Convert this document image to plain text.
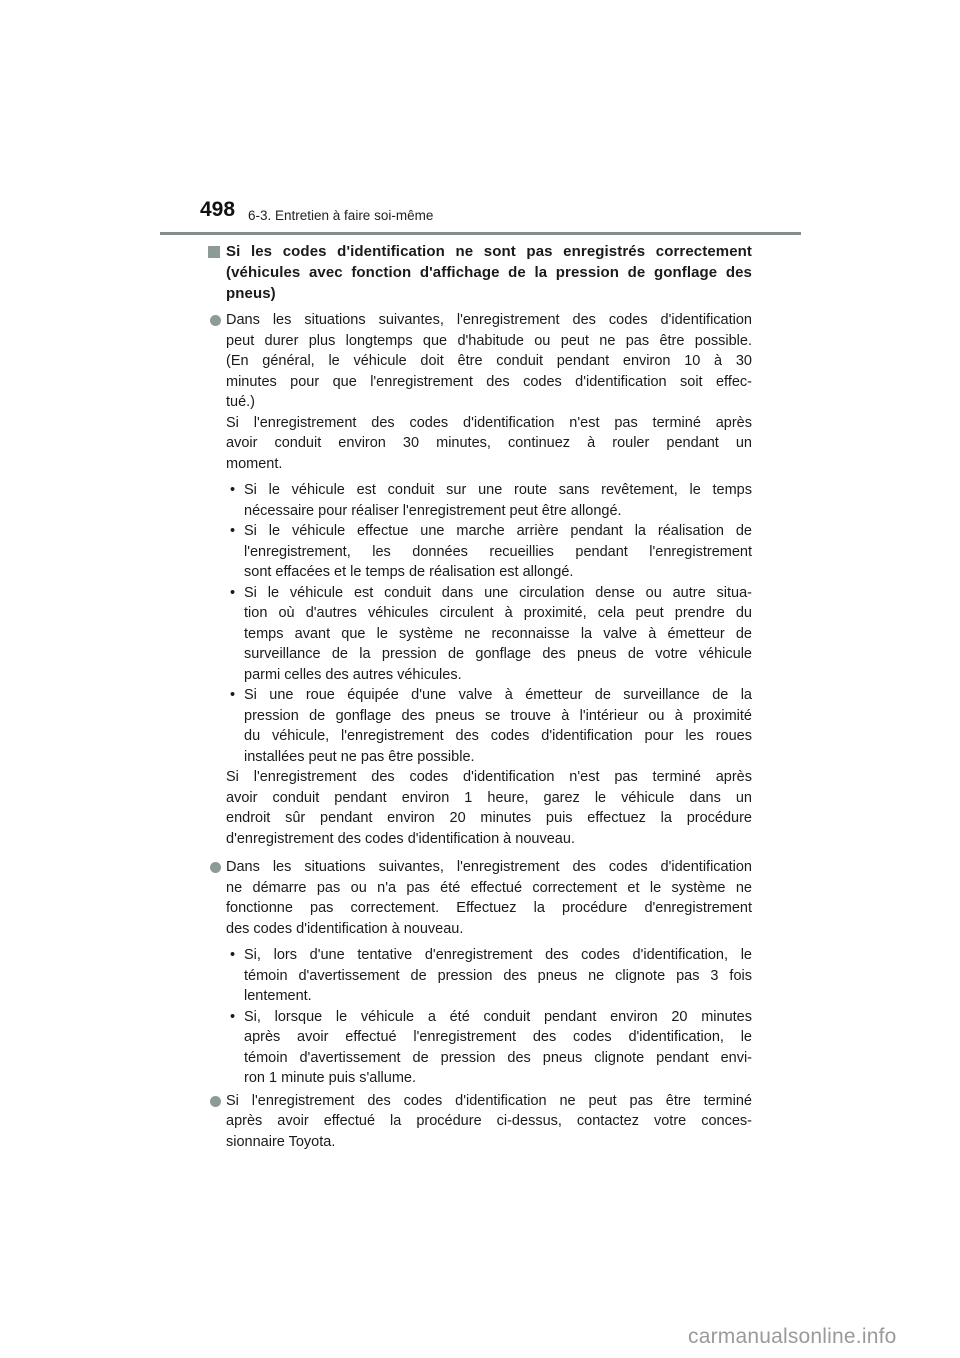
498 6-3. Entretien à faire soi-même
Si les codes d'identification ne sont pas enregistrés correctement
(véhicules avec fonction d'affichage de la pression de gonflage des
pneus)

Dans les situations suivantes, l'enregistrement des codes d'identification
peut durer plus longtemps que d'habitude ou peut ne pas être possible.
(En général, le véhicule doit être conduit pendant environ 10 à 30
minutes pour que l'enregistrement des codes d'identification soit effec-
tué.)
Si l'enregistrement des codes d'identification n'est pas terminé après
avoir conduit environ 30 minutes, continuez à rouler pendant un
moment.

• Si le véhicule est conduit sur une route sans revêtement, le temps
nécessaire pour réaliser l'enregistrement peut être allongé.
• Si le véhicule effectue une marche arrière pendant la réalisation de
l'enregistrement, les données recueillies pendant l'enregistrement
sont effacées et le temps de réalisation est allongé.
• Si le véhicule est conduit dans une circulation dense ou autre situa-
tion où d'autres véhicules circulent à proximité, cela peut prendre du
temps avant que le système ne reconnaisse la valve à émetteur de
surveillance de la pression de gonflage des pneus de votre véhicule
parmi celles des autres véhicules.
• Si une roue équipée d'une valve à émetteur de surveillance de la
pression de gonflage des pneus se trouve à l'intérieur ou à proximité
du véhicule, l'enregistrement des codes d'identification pour les roues
installées peut ne pas être possible.

Si l'enregistrement des codes d'identification n'est pas terminé après
avoir conduit pendant environ 1 heure, garez le véhicule dans un
endroit sûr pendant environ 20 minutes puis effectuez la procédure
d'enregistrement des codes d'identification à nouveau.

Dans les situations suivantes, l'enregistrement des codes d'identification
ne démarre pas ou n'a pas été effectué correctement et le système ne
fonctionne pas correctement. Effectuez la procédure d'enregistrement
des codes d'identification à nouveau.

• Si, lors d'une tentative d'enregistrement des codes d'identification, le
témoin d'avertissement de pression des pneus ne clignote pas 3 fois
lentement.
• Si, lorsque le véhicule a été conduit pendant environ 20 minutes
après avoir effectué l'enregistrement des codes d'identification, le
témoin d'avertissement de pression des pneus clignote pendant envi-
ron 1 minute puis s'allume.

Si l'enregistrement des codes d'identification ne peut pas être terminé
après avoir effectué la procédure ci-dessus, contactez votre conces-
sionnaire Toyota.

carmanualsonline.info
